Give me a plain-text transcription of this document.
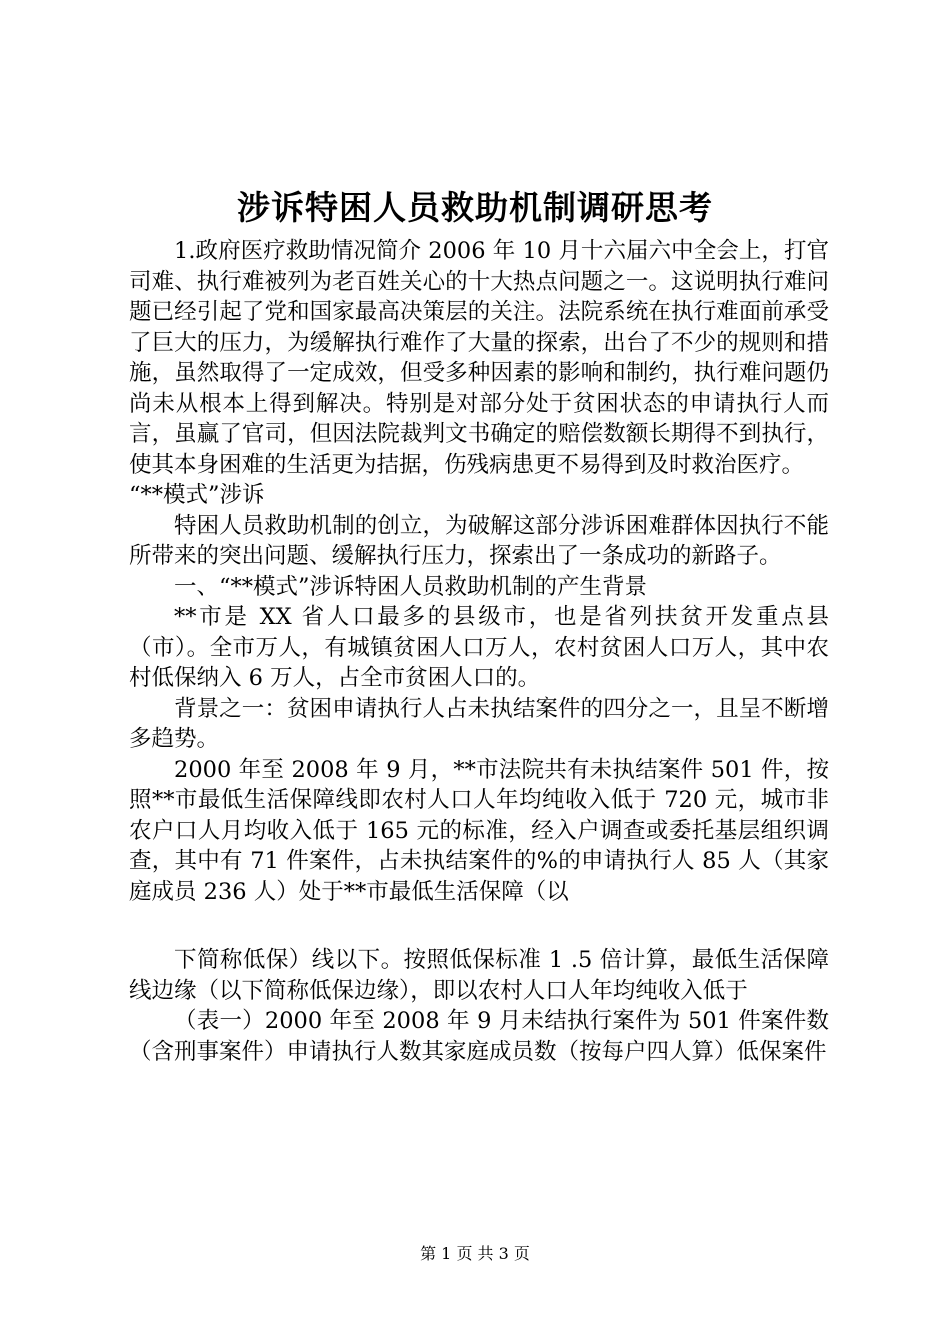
涉诉特困人员救助机制调研思考

1.政府医疗救助情况简介 2006 年 10 月十六届六中全会上，打官司难、执行难被列为老百姓关心的十大热点问题之一。这说明执行难问题已经引起了党和国家最高决策层的关注。法院系统在执行难面前承受了巨大的压力，为缓解执行难作了大量的探索，出台了不少的规则和措施，虽然取得了一定成效，但受多种因素的影响和制约，执行难问题仍尚未从根本上得到解决。特别是对部分处于贫困状态的申请执行人而言，虽赢了官司，但因法院裁判文书确定的赔偿数额长期得不到执行，使其本身困难的生活更为拮据，伤残病患更不易得到及时救治医疗。

“**模式”涉诉

特困人员救助机制的创立，为破解这部分涉诉困难群体因执行不能所带来的突出问题、缓解执行压力，探索出了一条成功的新路子。

一、“**模式”涉诉特困人员救助机制的产生背景

**市是 XX 省人口最多的县级市，也是省列扶贫开发重点县（市）。全市万人，有城镇贫困人口万人，农村贫困人口万人，其中农村低保纳入 6 万人，占全市贫困人口的。

背景之一：贫困申请执行人占未执结案件的四分之一，且呈不断增多趋势。

2000 年至 2008 年 9 月，**市法院共有未执结案件 501 件，按照**市最低生活保障线即农村人口人年均纯收入低于 720 元，城市非农户口人月均收入低于 165 元的标准，经入户调查或委托基层组织调查，其中有 71 件案件，占未执结案件的%的申请执行人 85 人（其家庭成员 236 人）处于**市最低生活保障（以

下简称低保）线以下。按照低保标准 1 .5 倍计算，最低生活保障线边缘（以下简称低保边缘），即以农村人口人年均纯收入低于

（表一）2000 年至 2008 年 9 月未结执行案件为 501 件案件数（含刑事案件）申请执行人数其家庭成员数（按每户四人算）低保案件

第 1 页 共 3 页
